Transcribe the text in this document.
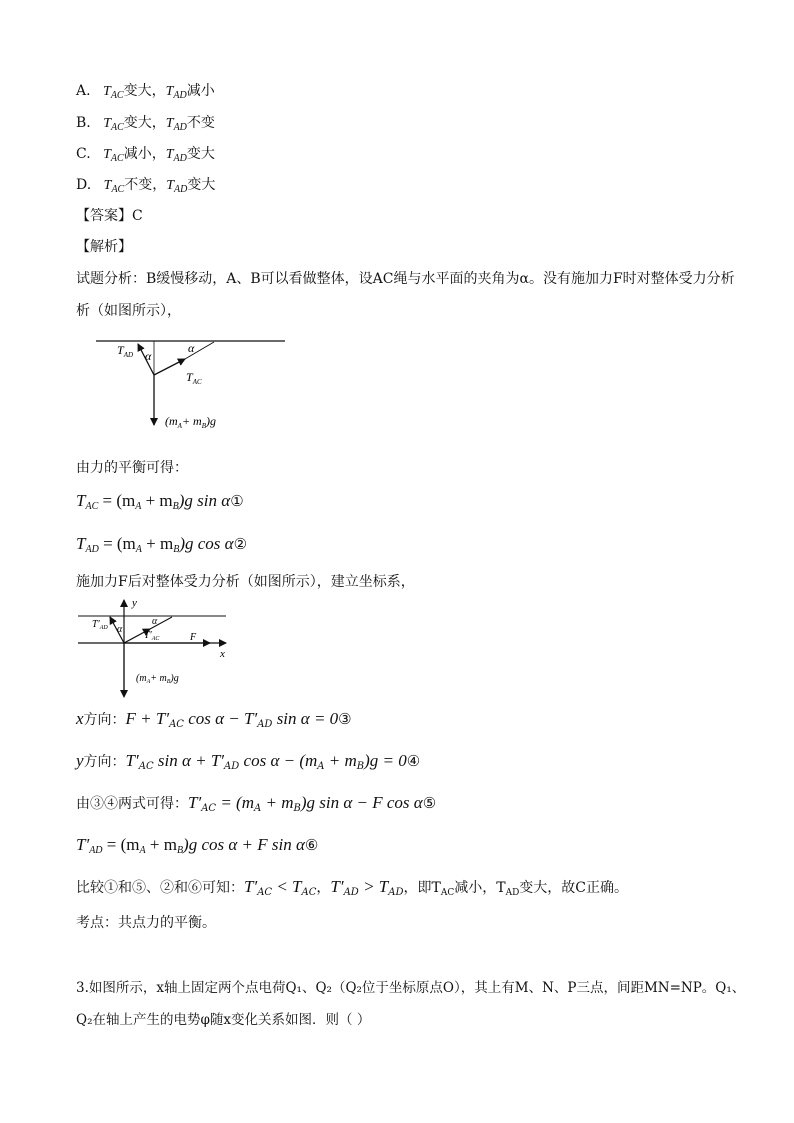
A. $T_{AC}$变大，$T_{AD}$减小
B. $T_{AC}$变大，$T_{AD}$不变
C. $T_{AC}$减小，$T_{AD}$变大
D. $T_{AC}$不变，$T_{AD}$变大
【答案】C
【解析】
试题分析：B缓慢移动，A、B可以看做整体，设AC绳与水平面的夹角为α。没有施加力F时对整体受力分析
析（如图所示），
$T_{AD}$ α
α
$T_{AC}$
$(m_A+ m_B)g$
y
x
$T'_{AD}$ α
α
$T'_{AC}$	F
$(m_A+ m_B)g$
由力的平衡可得：
$T_{AC} = (m_A + m_B)g$ sin α①
$T_{AD} = (m_A + m_B)g$ cos α②
施加力F后对整体受力分析（如图所示），建立坐标系，
x方向：$F + T'_{AC}$ $\cos \alpha - T'_{AD}$ sin α = 0③
y方向：$T'_{AC}$ $\sin \alpha + T'_{AD}$ $\cos \alpha - (m_A + m_B)g$ = 0④
由③④两式可得：$T'_{AC} = (m_A + m_B)g$ sin α − F cos α⑤
$T'_{AD} = (m_A + m_B)g$ cos α + F sin α⑥
比较①和⑤、②和⑥可知：$T'_{AC} < T_{AC}$，$T'_{AD} > T_{AD}$，即$T_{AC}$减小，$T_{AD}$变大，故C正确。
考点：共点力的平衡。
3.如图所示，x轴上固定两个点电荷Q₁、Q₂（Q₂位于坐标原点O），其上有M、N、P三点，间距MN=NP。Q₁、
Q₂在轴上产生的电势φ随x变化关系如图．则（ ）
